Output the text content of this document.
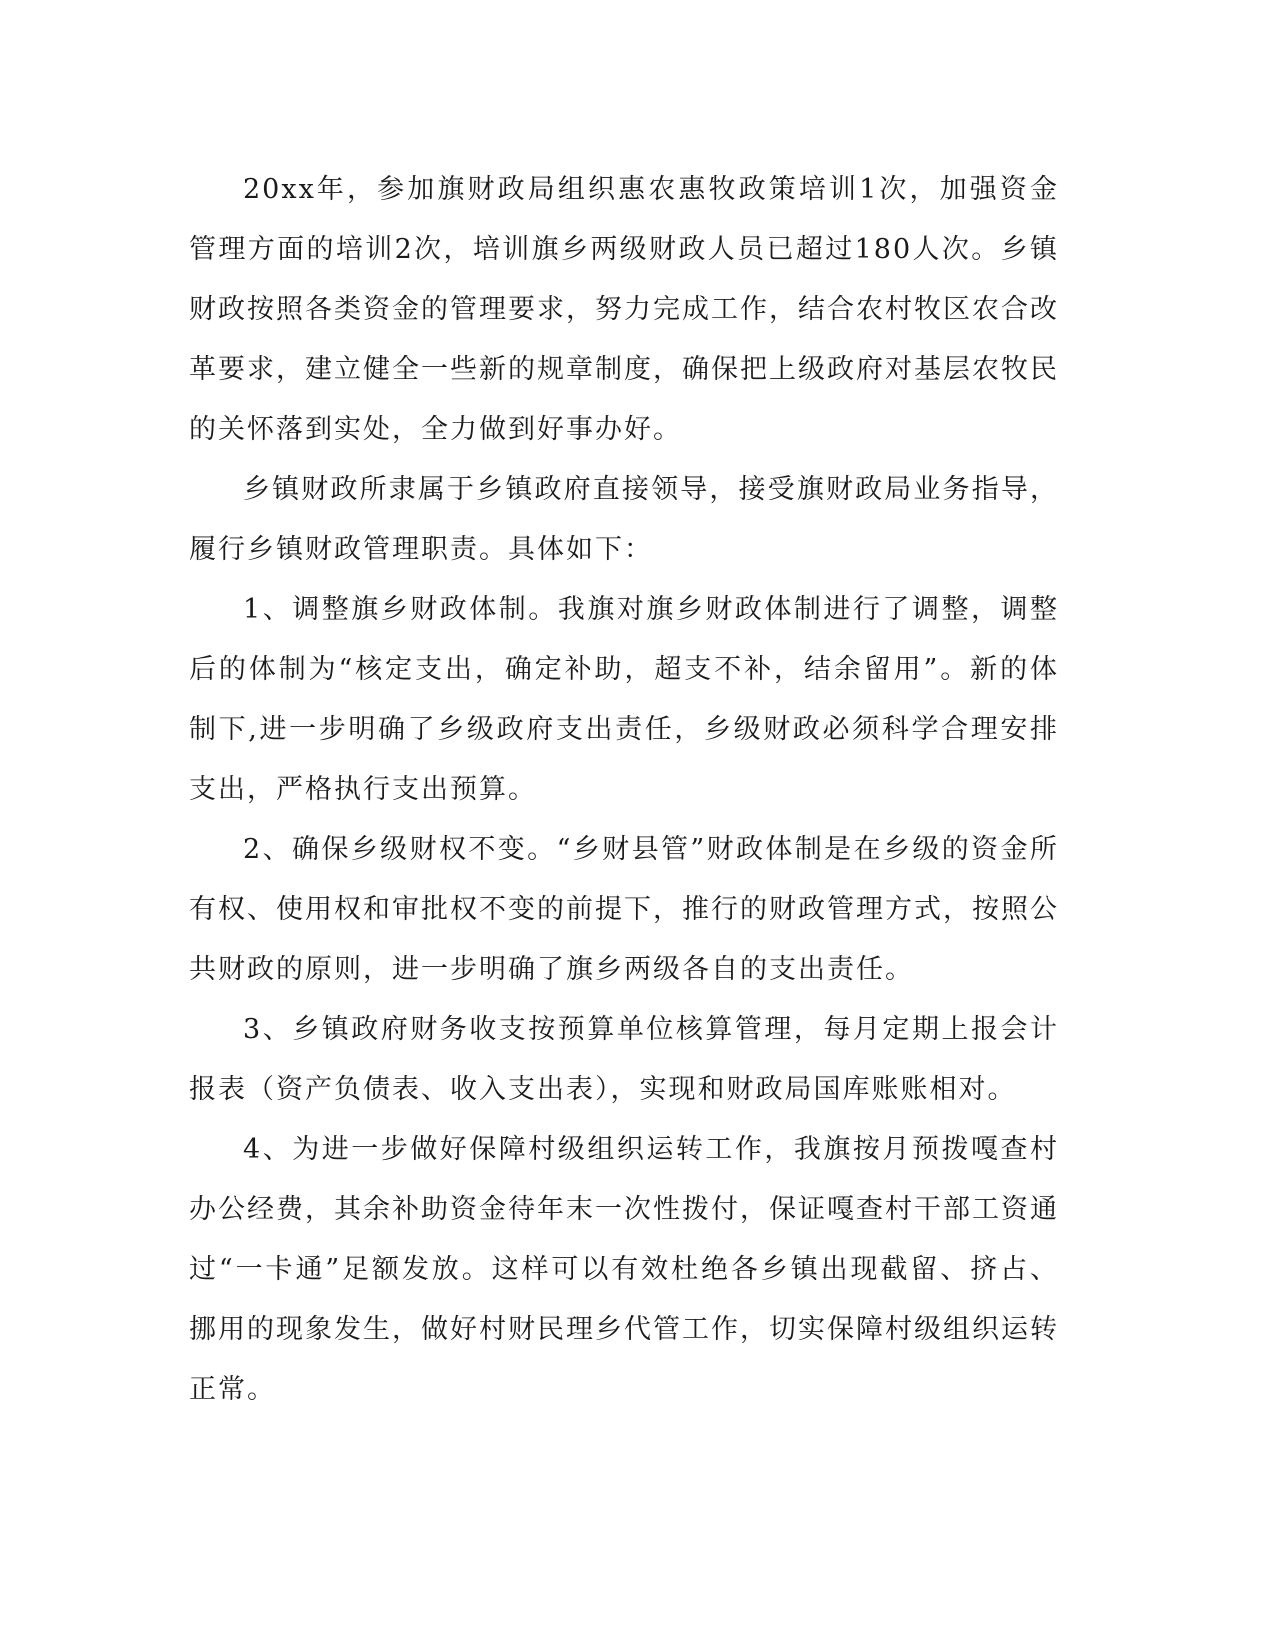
20xx年，参加旗财政局组织惠农惠牧政策培训1次，加强资金管理方面的培训2次，培训旗乡两级财政人员已超过180人次。乡镇财政按照各类资金的管理要求，努力完成工作，结合农村牧区农合改革要求，建立健全一些新的规章制度，确保把上级政府对基层农牧民的关怀落到实处，全力做到好事办好。

乡镇财政所隶属于乡镇政府直接领导，接受旗财政局业务指导，履行乡镇财政管理职责。具体如下：

1、调整旗乡财政体制。我旗对旗乡财政体制进行了调整，调整后的体制为“核定支出，确定补助，超支不补，结余留用”。新的体制下,进一步明确了乡级政府支出责任，乡级财政必须科学合理安排支出，严格执行支出预算。

2、确保乡级财权不变。“乡财县管”财政体制是在乡级的资金所有权、使用权和审批权不变的前提下，推行的财政管理方式，按照公共财政的原则，进一步明确了旗乡两级各自的支出责任。

3、乡镇政府财务收支按预算单位核算管理，每月定期上报会计报表（资产负债表、收入支出表），实现和财政局国库账账相对。

4、为进一步做好保障村级组织运转工作，我旗按月预拨嘎查村办公经费，其余补助资金待年末一次性拨付，保证嘎查村干部工资通过“一卡通”足额发放。这样可以有效杜绝各乡镇出现截留、挤占、挪用的现象发生，做好村财民理乡代管工作，切实保障村级组织运转正常。
